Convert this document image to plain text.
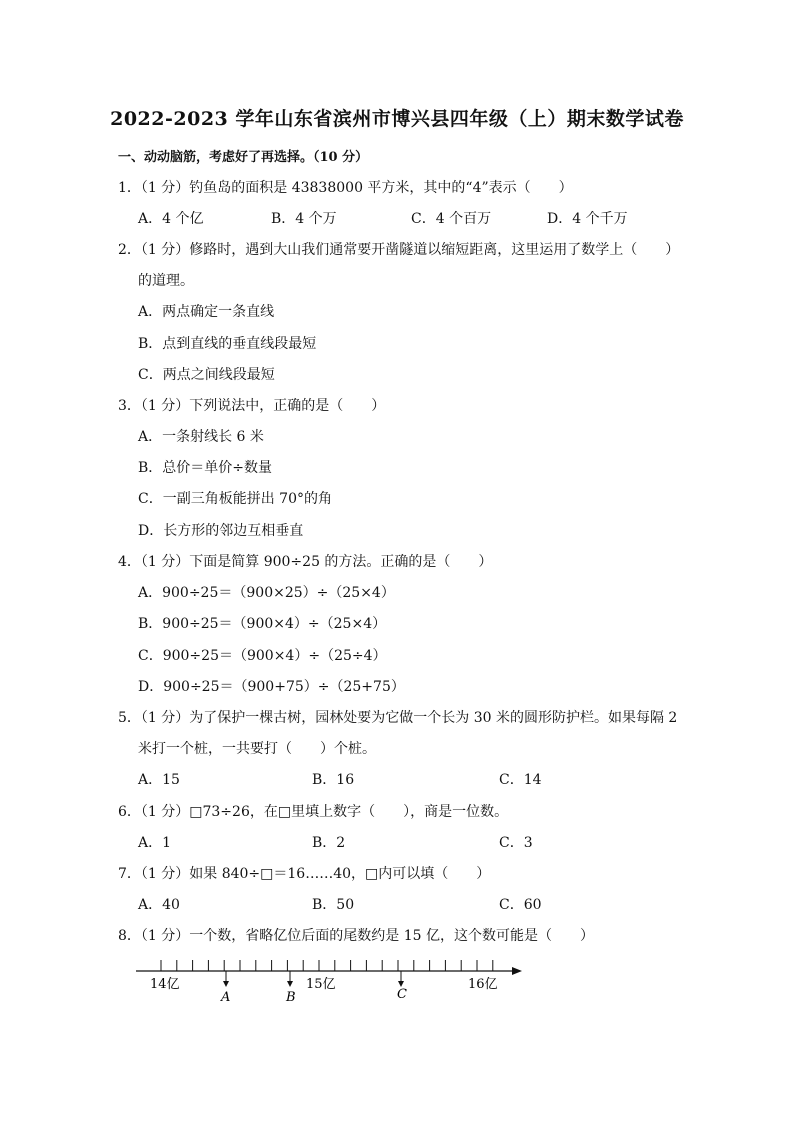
2022-2023 学年山东省滨州市博兴县四年级（上）期末数学试卷
一、动动脑筋，考虑好了再选择。（10 分）
1．（1 分）钓鱼岛的面积是 43838000 平方米，其中的“4”表示（　　）
A．4 个亿	B．4 个万	C．4 个百万	D．4 个千万
2．（1 分）修路时，遇到大山我们通常要开凿隧道以缩短距离，这里运用了数学上（　　）
的道理。
A．两点确定一条直线
B．点到直线的垂直线段最短
C．两点之间线段最短
3．（1 分）下列说法中，正确的是（　　）
A．一条射线长 6 米
B．总价＝单价÷数量
C．一副三角板能拼出 70°的角
D．长方形的邻边互相垂直
4．（1 分）下面是简算 900÷25 的方法。正确的是（　　）
A．900÷25＝（900×25）÷（25×4）
B．900÷25＝（900×4）÷（25×4）
C．900÷25＝（900×4）÷（25÷4）
D．900÷25＝（900+75）÷（25+75）
5．（1 分）为了保护一棵古树，园林处要为它做一个长为 30 米的圆形防护栏。如果每隔 2
米打一个桩，一共要打（　　）个桩。
A．15	B．16	C．14
6．（1 分）□73÷26，在□里填上数字（　　），商是一位数。
A．1	B．2	C．3
7．（1 分）如果 840÷□＝16……40，□内可以填（　　）
A．40	B．50	C．60
8．（1 分）一个数，省略亿位后面的尾数约是 15 亿，这个数可能是（　　）
14亿	15亿	16亿
A	B	C
